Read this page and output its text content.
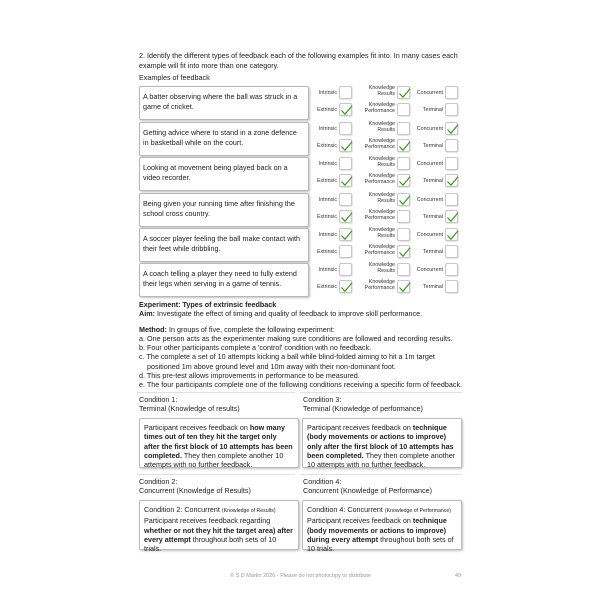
2. Identify the different types of feedback each of the following examples fit into. In many cases each example will fit into more than one category.
Examples of feedback
A batter observing where the ball was struck in a game of cricket.
Intrinsic
Extrinsic
Knowledge
Results
Knowledge
Performance
Concurrent
Terminal
Getting advice where to stand in a zone defence in basketball while on the court.
Intrinsic
Extrinsic
Knowledge
Results
Knowledge
Performance
Concurrent
Terminal
Looking at movement being played back on a video recorder.
Intrinsic
Extrinsic
Knowledge
Results
Knowledge
Performance
Concurrent
Terminal
Being given your running time after finishing the school cross country.
Intrinsic
Extrinsic
Knowledge
Results
Knowledge
Performance
Concurrent
Terminal
A soccer player feeling the ball make contact with their feet while dribbling.
Intrinsic
Extrinsic
Knowledge
Results
Knowledge
Performance
Concurrent
Terminal
A coach telling a player they need to fully extend their legs when serving in a game of tennis.
Intrinsic
Extrinsic
Knowledge
Results
Knowledge
Performance
Concurrent
Terminal
Experiment: Types of extrinsic feedback
Aim: Investigate the effect of timing and quality of feedback to improve skill performance.
Method: In groups of five, complete the following experiment:
a. One person acts as the experimenter making sure conditions are followed and recording results.
b. Four other participants complete a 'control' condition with no feedback.
c. The complete a set of 10 attempts kicking a ball while blind-folded aiming to hit a 1m target
positioned 1m above ground level and 10m away with their non-dominant foot.
d. This pre-test allows improvements in performance to be measured.
e. The four participants complete one of the following conditions receiving a specific form of feedback.
Condition 1:
Terminal (Knowledge of results)
Participant receives feedback on how many times out of ten they hit the target only after the first block of 10 attempts has been completed. They then complete another 10 attempts with no further feedback.
Condition 3:
Terminal (Knowledge of performance)
Participant receives feedback on technique (body movements or actions to improve) only after the first block of 10 attempts has been completed. They then complete another 10 attempts with no further feedback.
Condition 2:
Concurrent (Knowledge of Results)
Condition 2: Concurrent (Knowledge of Results)
Participant receives feedback regarding whether or not they hit the target area) after every attempt throughout both sets of 10 trials.
Condition 4:
Concurrent (Knowledge of Performance)
Condition 4: Concurrent (Knowledge of Performance)
Participant receives feedback on technique (body movements or actions to improve) during every attempt throughout both sets of 10 trials.
© S D Martin 2026 - Please do not photocopy or distribute	49
